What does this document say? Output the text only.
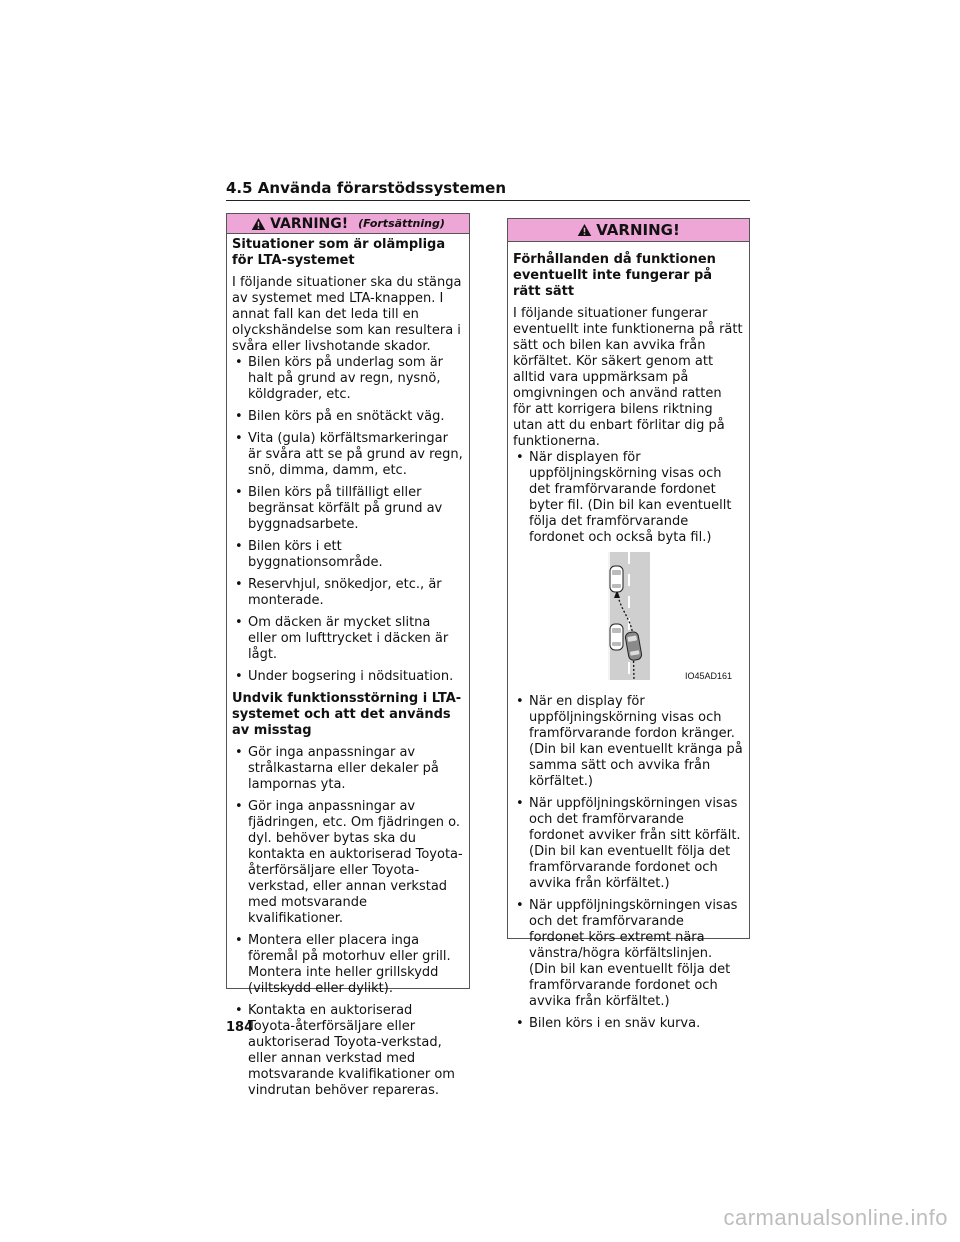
4.5 Använda förarstödssystemen
VARNING! (Fortsättning)
Situationer som är olämpliga för LTA-systemet
I följande situationer ska du stänga av systemet med LTA-knappen. I annat fall kan det leda till en olyckshändelse som kan resultera i svåra eller livshotande skador.
• Bilen körs på underlag som är halt på grund av regn, nysnö, köldgrader, etc.
• Bilen körs på en snötäckt väg.
• Vita (gula) körfältsmarkeringar är svåra att se på grund av regn, snö, dimma, damm, etc.
• Bilen körs på tillfälligt eller begränsat körfält på grund av byggnadsarbete.
• Bilen körs i ett byggnationsområde.
• Reservhjul, snökedjor, etc., är monterade.
• Om däcken är mycket slitna eller om lufttrycket i däcken är lågt.
• Under bogsering i nödsituation.
Undvik funktionsstörning i LTA-systemet och att det används av misstag
• Gör inga anpassningar av strålkastarna eller dekaler på lampornas yta.
• Gör inga anpassningar av fjädringen, etc. Om fjädringen o. dyl. behöver bytas ska du kontakta en auktoriserad Toyota-återförsäljare eller Toyota-verkstad, eller annan verkstad med motsvarande kvalifikationer.
• Montera eller placera inga föremål på motorhuv eller grill. Montera inte heller grillskydd (viltskydd eller dylikt).
• Kontakta en auktoriserad Toyota-återförsäljare eller auktoriserad Toyota-verkstad, eller annan verkstad med motsvarande kvalifikationer om vindrutan behöver repareras.
VARNING!
Förhållanden då funktionen eventuellt inte fungerar på rätt sätt
I följande situationer fungerar eventuellt inte funktionerna på rätt sätt och bilen kan avvika från körfältet. Kör säkert genom att alltid vara uppmärksam på omgivningen och använd ratten för att korrigera bilens riktning utan att du enbart förlitar dig på funktionerna.
• När displayen för uppföljningskörning visas och det framförvarande fordonet byter fil. (Din bil kan eventuellt följa det framförvarande fordonet och också byta fil.)
IO45AD161
• När en display för uppföljningskörning visas och framförvarande fordon kränger. (Din bil kan eventuellt kränga på samma sätt och avvika från körfältet.)
• När uppföljningskörningen visas och det framförvarande fordonet avviker från sitt körfält. (Din bil kan eventuellt följa det framförvarande fordonet och avvika från körfältet.)
• När uppföljningskörningen visas och det framförvarande fordonet körs extremt nära vänstra/högra körfältslinjen. (Din bil kan eventuellt följa det framförvarande fordonet och avvika från körfältet.)
• Bilen körs i en snäv kurva.
184
carmanualsonline.info
